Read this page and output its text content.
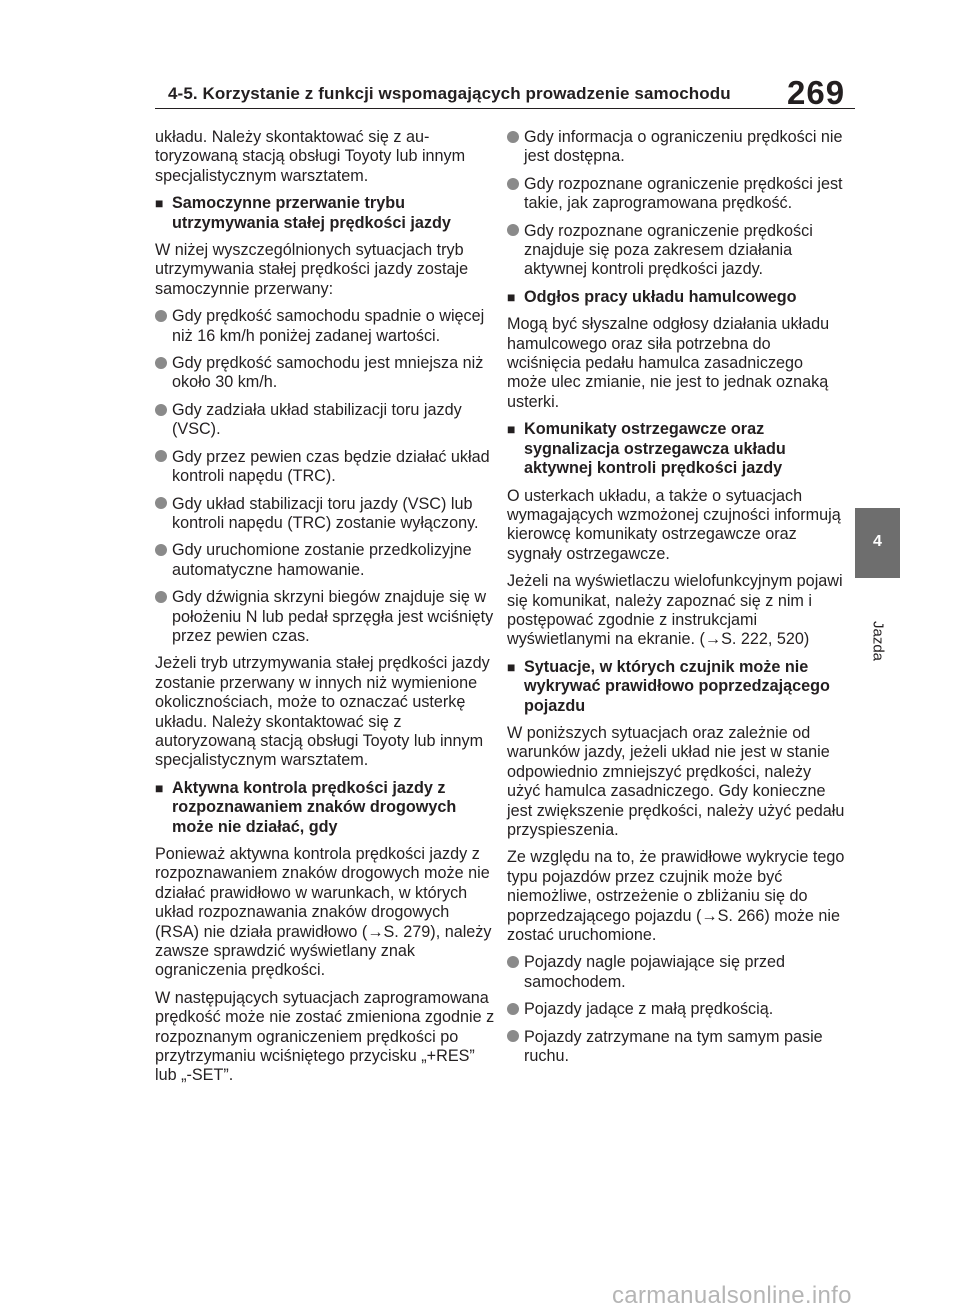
4-5. Korzystanie z funkcji wspomagających prowadzenie samochodu 269
układu. Należy skontaktować się z autoryzowaną stacją obsługi Toyoty lub innym specjalistycznym warsztatem.
■ Samoczynne przerwanie trybu utrzymywania stałej prędkości jazdy
W niżej wyszczególnionych sytuacjach tryb utrzymywania stałej prędkości jazdy zostaje samoczynnie przerwany:
Gdy prędkość samochodu spadnie o więcej niż 16 km/h poniżej zadanej wartości.
Gdy prędkość samochodu jest mniejsza niż około 30 km/h.
Gdy zadziała układ stabilizacji toru jazdy (VSC).
Gdy przez pewien czas będzie działać układ kontroli napędu (TRC).
Gdy układ stabilizacji toru jazdy (VSC) lub kontroli napędu (TRC) zostanie wyłączony.
Gdy uruchomione zostanie przedkolizyjne automatyczne hamowanie.
Gdy dźwignia skrzyni biegów znajduje się w położeniu N lub pedał sprzęgła jest wciśnięty przez pewien czas.
Jeżeli tryb utrzymywania stałej prędkości jazdy zostanie przerwany w innych niż wymienione okolicznościach, może to oznaczać usterkę układu. Należy skontaktować się z autoryzowaną stacją obsługi Toyoty lub innym specjalistycznym warsztatem.
■ Aktywna kontrola prędkości jazdy z rozpoznawaniem znaków drogowych może nie działać, gdy
Ponieważ aktywna kontrola prędkości jazdy z rozpoznawaniem znaków drogowych może nie działać prawidłowo w warunkach, w których układ rozpoznawania znaków drogowych (RSA) nie działa prawidłowo (→S. 279), należy zawsze sprawdzić wyświetlany znak ograniczenia prędkości.
W następujących sytuacjach zaprogramowana prędkość może nie zostać zmieniona zgodnie z rozpoznanym ograniczeniem prędkości po przytrzymaniu wciśniętego przycisku „+RES” lub „-SET”.
Gdy informacja o ograniczeniu prędkości nie jest dostępna.
Gdy rozpoznane ograniczenie prędkości jest takie, jak zaprogramowana prędkość.
Gdy rozpoznane ograniczenie prędkości znajduje się poza zakresem działania aktywnej kontroli prędkości jazdy.
■ Odgłos pracy układu hamulcowego
Mogą być słyszalne odgłosy działania układu hamulcowego oraz siła potrzebna do wciśnięcia pedału hamulca zasadniczego może ulec zmianie, nie jest to jednak oznaką usterki.
■ Komunikaty ostrzegawcze oraz sygnalizacja ostrzegawcza układu aktywnej kontroli prędkości jazdy
O usterkach układu, a także o sytuacjach wymagających wzmożonej czujności informują kierowcę komunikaty ostrzegawcze oraz sygnały ostrzegawcze.
Jeżeli na wyświetlaczu wielofunkcyjnym pojawi się komunikat, należy zapoznać się z nim i postępować zgodnie z instrukcjami wyświetlanymi na ekranie. (→S. 222, 520)
■ Sytuacje, w których czujnik może nie wykrywać prawidłowo poprzedzającego pojazdu
W poniższych sytuacjach oraz zależnie od warunków jazdy, jeżeli układ nie jest w stanie odpowiednio zmniejszyć prędkości, należy użyć hamulca zasadniczego. Gdy konieczne jest zwiększenie prędkości, należy użyć pedału przyspieszenia.
Ze względu na to, że prawidłowe wykrycie tego typu pojazdów przez czujnik może być niemożliwe, ostrzeżenie o zbliżaniu się do poprzedzającego pojazdu (→S. 266) może nie zostać uruchomione.
Pojazdy nagle pojawiające się przed samochodem.
Pojazdy jadące z małą prędkością.
Pojazdy zatrzymane na tym samym pasie ruchu.
4
Jazda
carmanualsonline.info
